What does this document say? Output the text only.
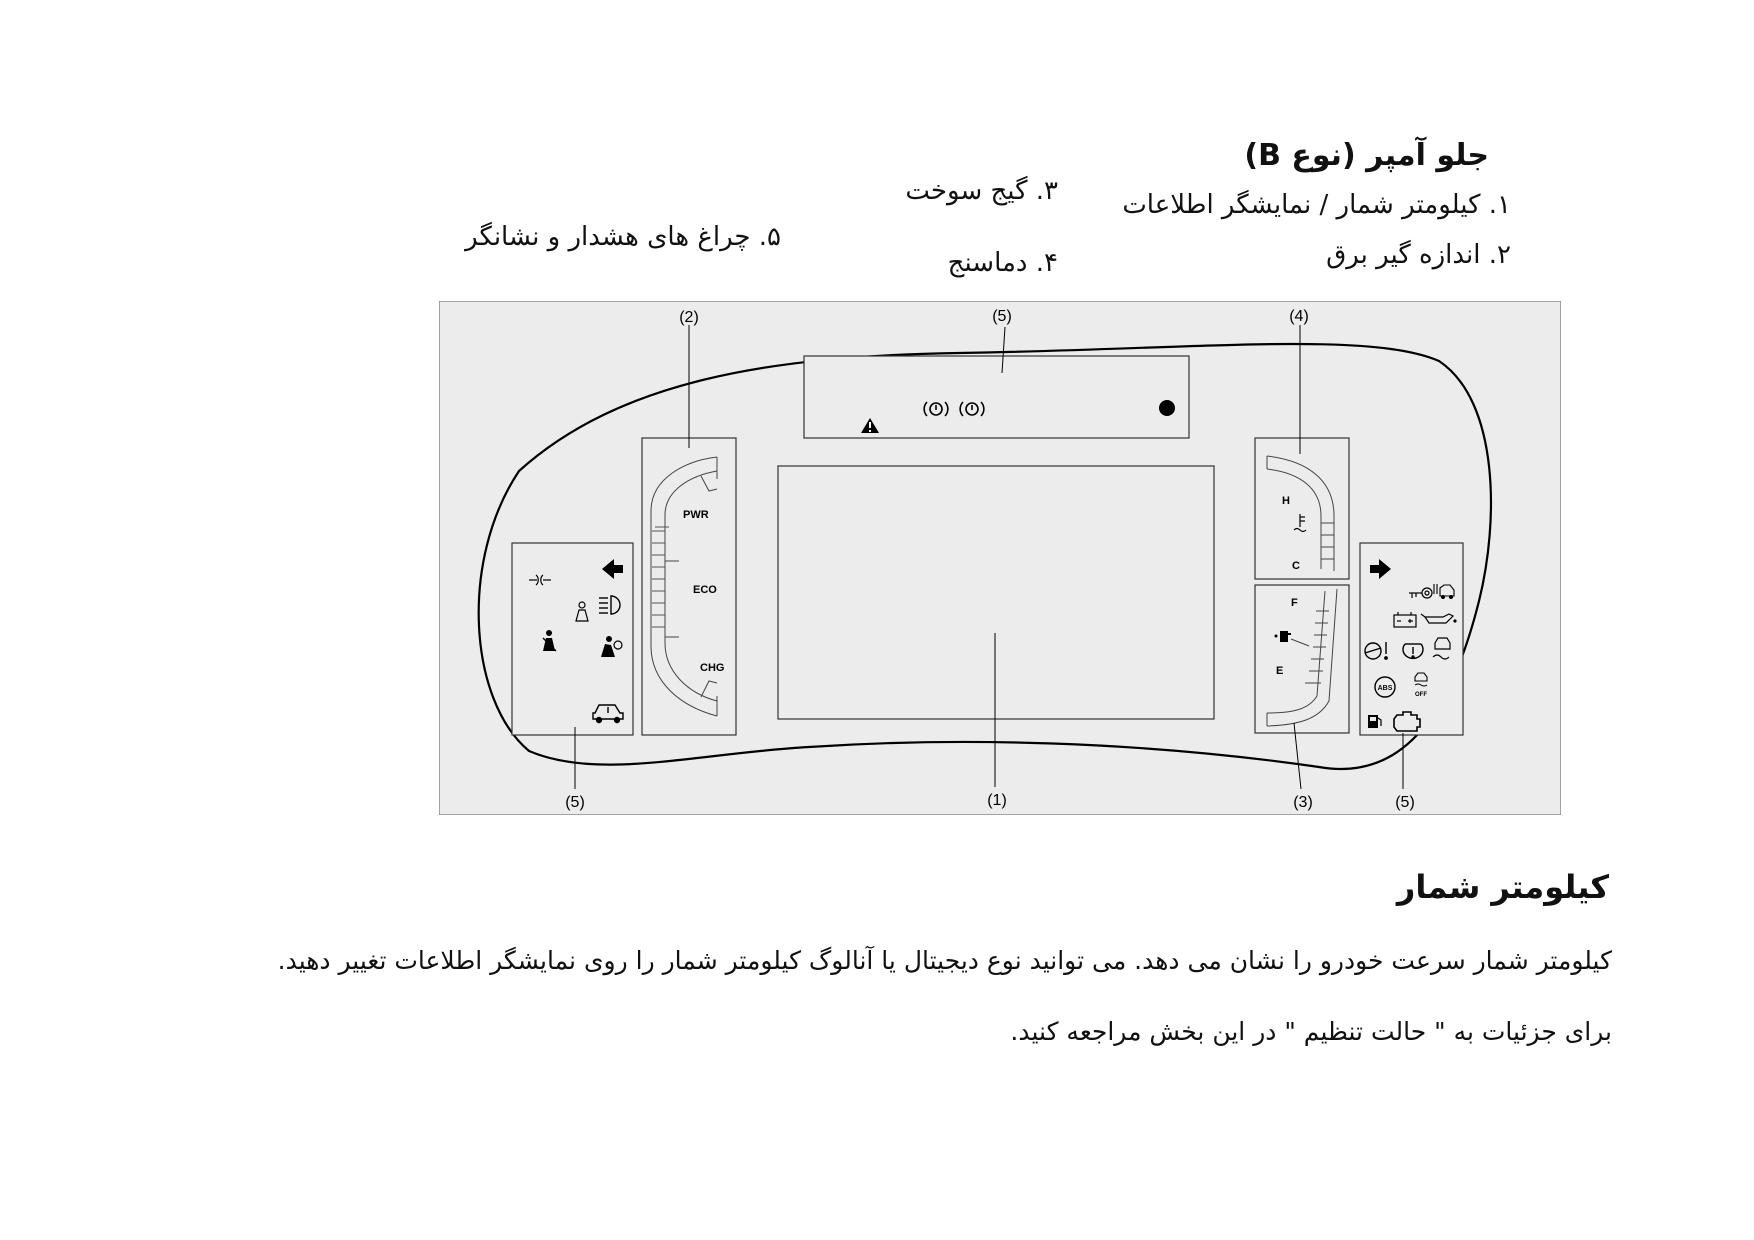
جلو آمپر (نوع B)
۱. کیلومتر شمار / نمایشگر اطلاعات
۲. اندازه گیر برق
۳. گیج سوخت
۴. دماسنج
۵. چراغ های هشدار و نشانگر
PWR
ECO
CHG
H
C
F
E
ABS
OFF
(2)	(5)	(4)
(5)	(1)	(3)	(5)
کیلومتر شمار
کیلومتر شمار سرعت خودرو را نشان می دهد. می توانید نوع دیجیتال یا آنالوگ کیلومتر شمار را روی نمایشگر اطلاعات تغییر دهید.
برای جزئیات به " حالت تنظیم " در این بخش مراجعه کنید.
